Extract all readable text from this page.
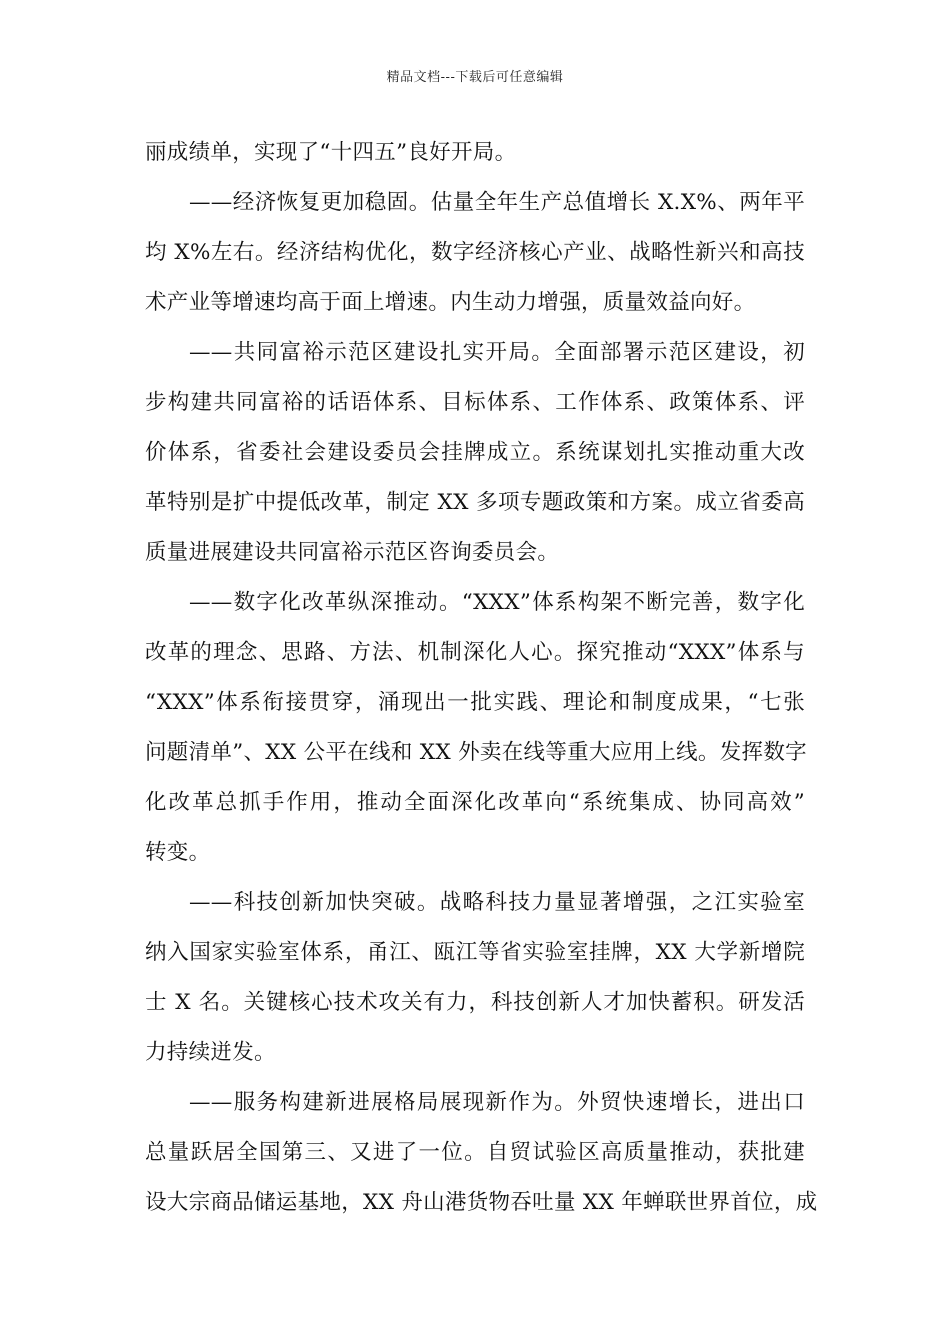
精品文档---下载后可任意编辑
丽成绩单，实现了“十四五”良好开局。
——经济恢复更加稳固。估量全年生产总值增长 X.X%、两年平
均 X%左右。经济结构优化，数字经济核心产业、战略性新兴和高技
术产业等增速均高于面上增速。内生动力增强，质量效益向好。
——共同富裕示范区建设扎实开局。全面部署示范区建设，初
步构建共同富裕的话语体系、目标体系、工作体系、政策体系、评
价体系，省委社会建设委员会挂牌成立。系统谋划扎实推动重大改
革特别是扩中提低改革，制定 XX 多项专题政策和方案。成立省委高
质量进展建设共同富裕示范区咨询委员会。
——数字化改革纵深推动。“XXX”体系构架不断完善，数字化
改革的理念、思路、方法、机制深化人心。探究推动“XXX”体系与
“XXX”体系衔接贯穿，涌现出一批实践、理论和制度成果，“七张
问题清单”、XX 公平在线和 XX 外卖在线等重大应用上线。发挥数字
化改革总抓手作用，推动全面深化改革向“系统集成、协同高效”
转变。
——科技创新加快突破。战略科技力量显著增强，之江实验室
纳入国家实验室体系，甬江、瓯江等省实验室挂牌，XX 大学新增院
士 X 名。关键核心技术攻关有力，科技创新人才加快蓄积。研发活
力持续迸发。
——服务构建新进展格局展现新作为。外贸快速增长，进出口
总量跃居全国第三、又进了一位。自贸试验区高质量推动，获批建
设大宗商品储运基地，XX 舟山港货物吞吐量 XX 年蝉联世界首位，成
